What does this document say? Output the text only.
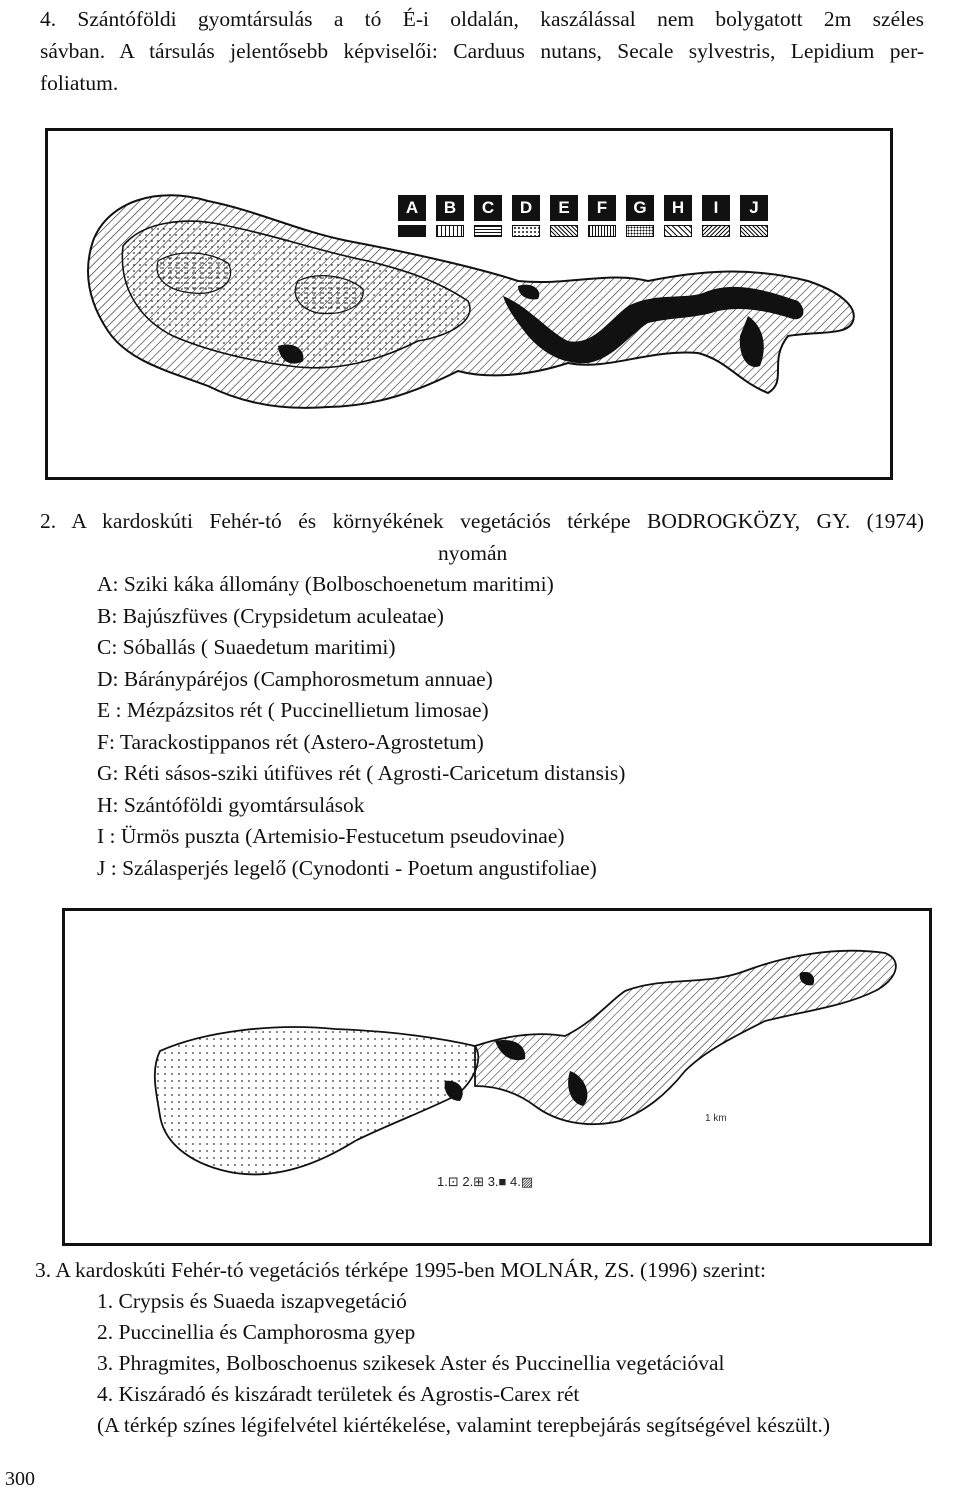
4. Szántóföldi gyomtársulás a tó É-i oldalán, kaszálással nem bolygatott 2m széles
sávban. A társulás jelentősebb képviselői: Carduus nutans, Secale sylvestris, Lepidium per-
foliatum.
A	B	C	D	E	F	G	H	I	J
2. A kardoskúti Fehér-tó és környékének vegetációs térképe BODROGKÖZY, GY. (1974)
nyomán
A: Sziki káka állomány (Bolboschoenetum maritimi)
B: Bajúszfüves (Crypsidetum aculeatae)
C: Sóballás ( Suaedetum maritimi)
D: Báránypáréjos (Camphorosmetum annuae)
E : Mézpázsitos rét ( Puccinellietum limosae)
F: Tarackostippanos rét (Astero-Agrostetum)
G: Réti sásos-sziki útifüves rét ( Agrosti-Caricetum distansis)
H: Szántóföldi gyomtársulások
I : Ürmös puszta (Artemisio-Festucetum pseudovinae)
J : Szálasperjés legelő (Cynodonti - Poetum angustifoliae)
1.⊡ 2.⊞ 3.■ 4.▨
1 km
3. A kardoskúti Fehér-tó vegetációs térképe 1995-ben MOLNÁR, ZS. (1996) szerint:
1. Crypsis és Suaeda iszapvegetáció
2. Puccinellia és Camphorosma gyep
3. Phragmites, Bolboschoenus szikesek Aster és Puccinellia vegetációval
4. Kiszáradó és kiszáradt területek és Agrostis-Carex rét
(A térkép színes légifelvétel kiértékelése, valamint terepbejárás segítségével készült.)
300
